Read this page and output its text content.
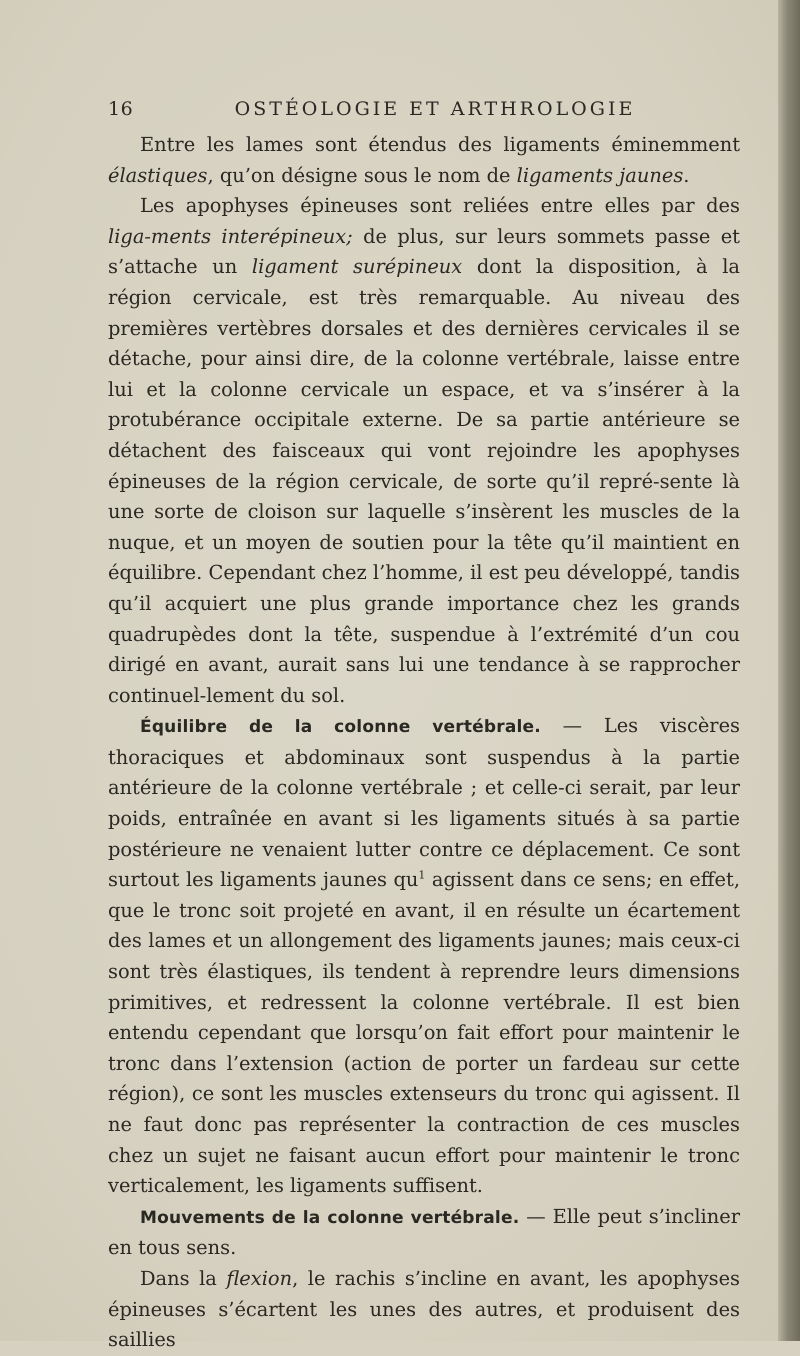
16	OSTÉOLOGIE ET ARTHROLOGIE

Entre les lames sont étendus des ligaments éminemment élastiques, qu’on désigne sous le nom de ligaments jaunes.

Les apophyses épineuses sont reliées entre elles par des liga-ments interépineux; de plus, sur leurs sommets passe et s’attache un ligament surépineux dont la disposition, à la région cervicale, est très remarquable. Au niveau des premières vertèbres dorsales et des dernières cervicales il se détache, pour ainsi dire, de la colonne vertébrale, laisse entre lui et la colonne cervicale un espace, et va s’insérer à la protubérance occipitale externe. De sa partie antérieure se détachent des faisceaux qui vont rejoindre les apophyses épineuses de la région cervicale, de sorte qu’il repré-sente là une sorte de cloison sur laquelle s’insèrent les muscles de la nuque, et un moyen de soutien pour la tête qu’il maintient en équilibre. Cependant chez l’homme, il est peu développé, tandis qu’il acquiert une plus grande importance chez les grands quadrupèdes dont la tête, suspendue à l’extrémité d’un cou dirigé en avant, aurait sans lui une tendance à se rapprocher continuel-lement du sol.

Équilibre de la colonne vertébrale. — Les viscères thoraciques et abdominaux sont suspendus à la partie antérieure de la colonne vertébrale ; et celle-ci serait, par leur poids, entraînée en avant si les ligaments situés à sa partie postérieure ne venaient lutter contre ce déplacement. Ce sont surtout les ligaments jaunes $qu^1$ agissent dans ce sens; en effet, que le tronc soit projeté en avant, il en résulte un écartement des lames et un allongement des ligaments jaunes; mais ceux-ci sont très élastiques, ils tendent à reprendre leurs dimensions primitives, et redressent la colonne vertébrale. Il est bien entendu cependant que lorsqu’on fait effort pour maintenir le tronc dans l’extension (action de porter un fardeau sur cette région), ce sont les muscles extenseurs du tronc qui agissent. Il ne faut donc pas représenter la contraction de ces muscles chez un sujet ne faisant aucun effort pour maintenir le tronc verticalement, les ligaments suffisent.

Mouvements de la colonne vertébrale. — Elle peut s’incliner en tous sens.

Dans la flexion, le rachis s’incline en avant, les apophyses épineuses s’écartent les unes des autres, et produisent des saillies
